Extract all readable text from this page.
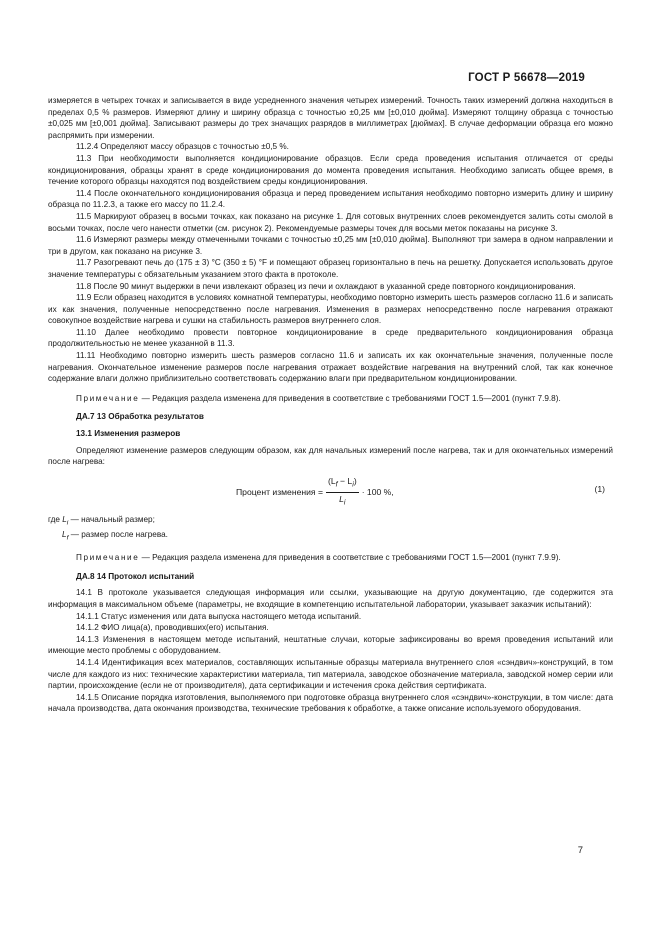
ГОСТ Р 56678—2019

измеряется в четырех точках и записывается в виде усредненного значения четырех измерений. Точность таких измерений должна находиться в пределах 0,5 % размеров. Измеряют длину и ширину образца с точностью ±0,25 мм [±0,010 дюйма]. Измеряют толщину образца с точностью ±0,025 мм [±0,001 дюйма]. Записывают размеры до трех значащих разрядов в миллиметрах [дюймах]. В случае деформации образца его можно распрямить при измерении.

11.2.4 Определяют массу образцов с точностью ±0,5 %.

11.3 При необходимости выполняется кондиционирование образцов. Если среда проведения испытания отличается от среды кондиционирования, образцы хранят в среде кондиционирования до момента проведения испытания. Необходимо записать общее время, в течение которого образцы находятся под воздействием среды кондиционирования.

11.4 После окончательного кондиционирования образца и перед проведением испытания необходимо повторно измерить длину и ширину образца по 11.2.3, а также его массу по 11.2.4.

11.5 Маркируют образец в восьми точках, как показано на рисунке 1. Для сотовых внутренних слоев рекомендуется залить соты смолой в восьми точках, после чего нанести отметки (см. рисунок 2). Рекомендуемые размеры точек для восьми меток показаны на рисунке 3.

11.6 Измеряют размеры между отмеченными точками с точностью ±0,25 мм [±0,010 дюйма]. Выполняют три замера в одном направлении и три в другом, как показано на рисунке 3.

11.7 Разогревают печь до (175 ± 3) °С (350 ± 5) °F и помещают образец горизонтально в печь на решетку. Допускается использовать другое значение температуры с обязательным указанием этого факта в протоколе.

11.8 После 90 минут выдержки в печи извлекают образец из печи и охлаждают в указанной среде повторного кондиционирования.

11.9 Если образец находится в условиях комнатной температуры, необходимо повторно измерить шесть размеров согласно 11.6 и записать их как значения, полученные непосредственно после нагревания. Изменения в размерах непосредственно после нагревания отражают совокупное воздействие нагрева и сушки на стабильность размеров внутреннего слоя.

11.10 Далее необходимо провести повторное кондиционирование в среде предварительного кондиционирования образца продолжительностью не менее указанной в 11.3.

11.11 Необходимо повторно измерить шесть размеров согласно 11.6 и записать их как окончательные значения, полученные после нагревания. Окончательное изменение размеров после нагревания отражает воздействие нагревания на внутренний слой, так как конечное содержание влаги должно приблизительно соответствовать содержанию влаги при предварительном кондиционировании.

Примечание — Редакция раздела изменена для приведения в соответствие с требованиями ГОСТ 1.5—2001 (пункт 7.9.8).

ДА.7 13 Обработка результатов

13.1 Изменения размеров

Определяют изменение размеров следующим образом, как для начальных измерений после нагрева, так и для окончательных измерений после нагрева:

Процент изменения = $\frac{(L_f - L_i)}{L_i} \cdot 100$ %,	(1)

где $L_i$ — начальный размер;

$L_f$ — размер после нагрева.

Примечание — Редакция раздела изменена для приведения в соответствие с требованиями ГОСТ 1.5—2001 (пункт 7.9.9).

ДА.8 14 Протокол испытаний

14.1 В протоколе указывается следующая информация или ссылки, указывающие на другую документацию, где содержится эта информация в максимальном объеме (параметры, не входящие в компетенцию испытательной лаборатории, указывает заказчик испытаний):

14.1.1 Статус изменения или дата выпуска настоящего метода испытаний.

14.1.2 ФИО лица(а), проводивших(его) испытания.

14.1.3 Изменения в настоящем методе испытаний, нештатные случаи, которые зафиксированы во время проведения испытаний или имеющие место проблемы с оборудованием.

14.1.4 Идентификация всех материалов, составляющих испытанные образцы материала внутреннего слоя «сэндвич»-конструкций, в том числе для каждого из них: технические характеристики материала, тип материала, заводское обозначение материала, заводской номер серии или партии, происхождение (если не от производителя), дата сертификации и истечения срока действия сертификата.

14.1.5 Описание порядка изготовления, выполняемого при подготовке образца внутреннего слоя «сэндвич»-конструкции, в том числе: дата начала производства, дата окончания производства, технические требования к обработке, а также описание используемого оборудования.

7
